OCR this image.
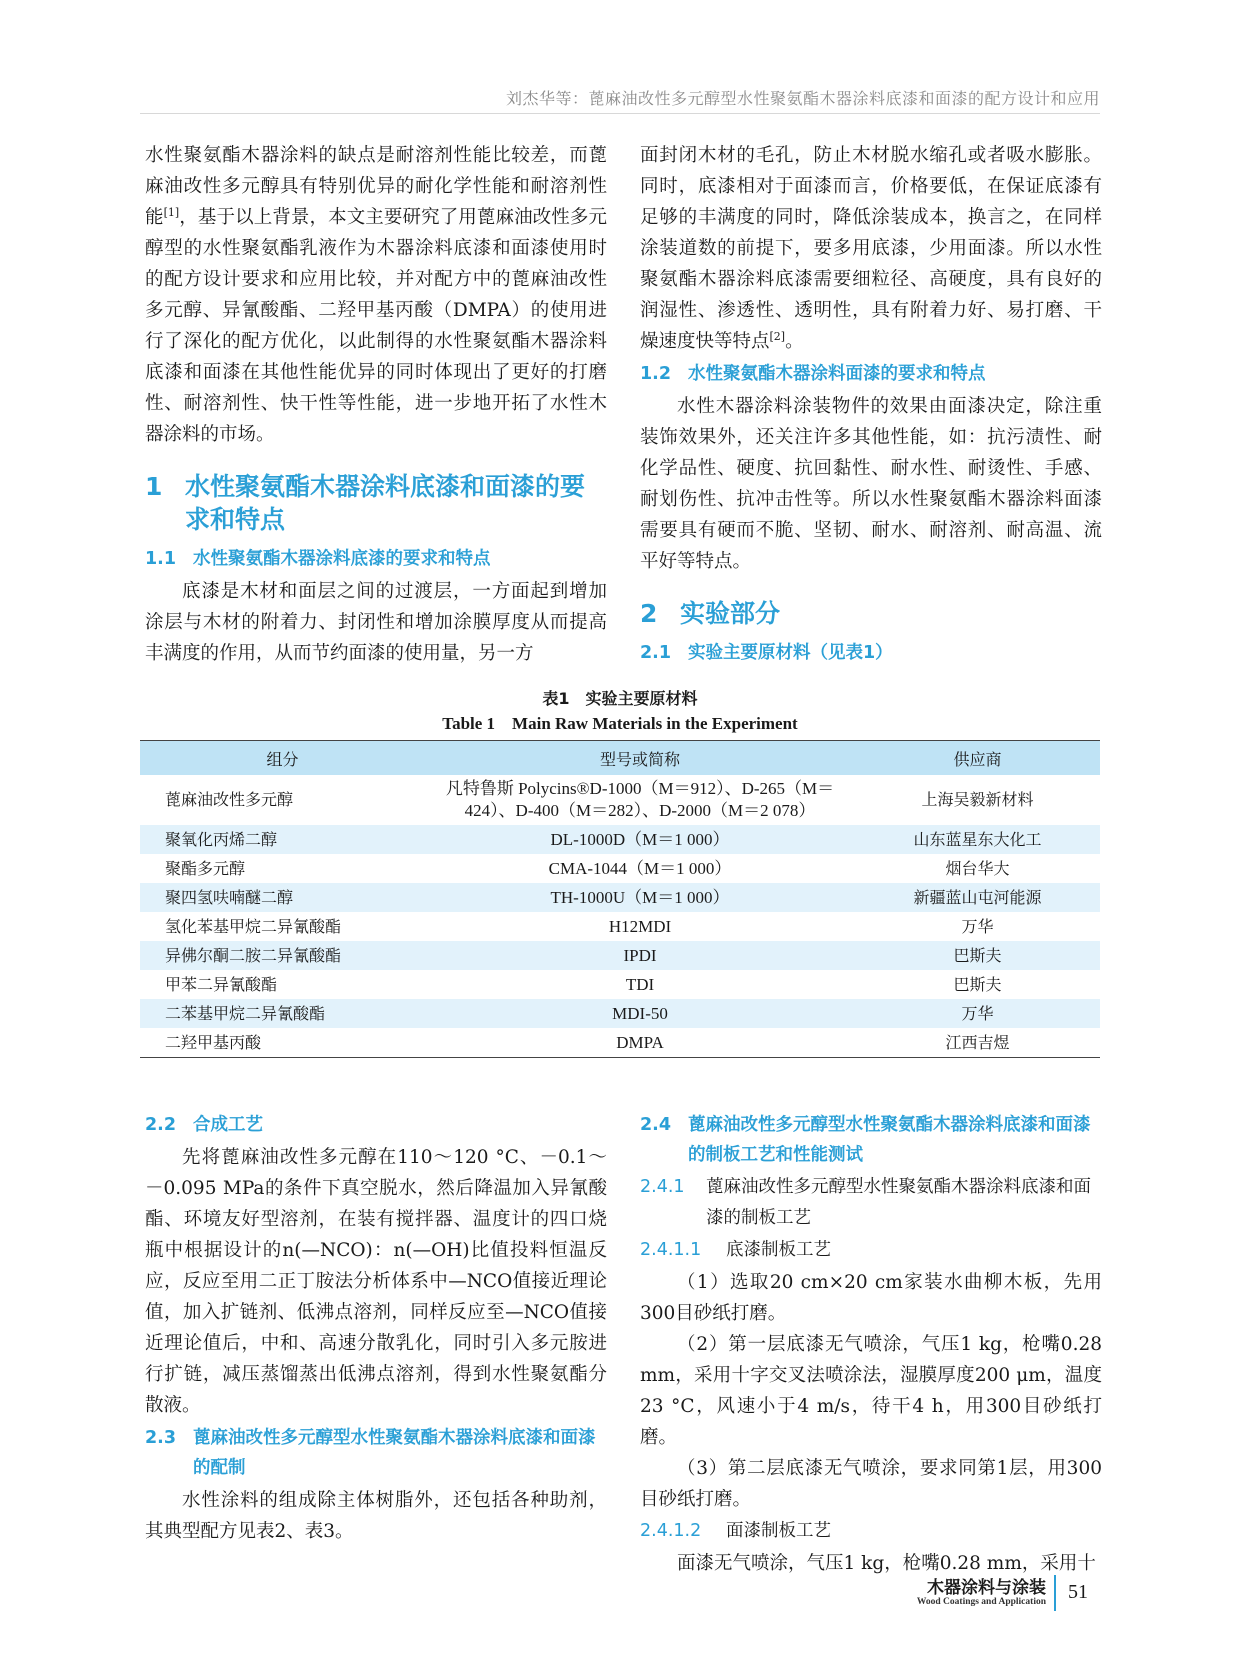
刘杰华等：蓖麻油改性多元醇型水性聚氨酯木器涂料底漆和面漆的配方设计和应用

水性聚氨酯木器涂料的缺点是耐溶剂性能比较差，而蓖麻油改性多元醇具有特别优异的耐化学性能和耐溶剂性能[1]，基于以上背景，本文主要研究了用蓖麻油改性多元醇型的水性聚氨酯乳液作为木器涂料底漆和面漆使用时的配方设计要求和应用比较，并对配方中的蓖麻油改性多元醇、异氰酸酯、二羟甲基丙酸（DMPA）的使用进行了深化的配方优化，以此制得的水性聚氨酯木器涂料底漆和面漆在其他性能优异的同时体现出了更好的打磨性、耐溶剂性、快干性等性能，进一步地开拓了水性木器涂料的市场。

1 水性聚氨酯木器涂料底漆和面漆的要求和特点
1.1 水性聚氨酯木器涂料底漆的要求和特点

底漆是木材和面层之间的过渡层，一方面起到增加涂层与木材的附着力、封闭性和增加涂膜厚度从而提高丰满度的作用，从而节约面漆的使用量，另一方

面封闭木材的毛孔，防止木材脱水缩孔或者吸水膨胀。同时，底漆相对于面漆而言，价格要低，在保证底漆有足够的丰满度的同时，降低涂装成本，换言之，在同样涂装道数的前提下，要多用底漆，少用面漆。所以水性聚氨酯木器涂料底漆需要细粒径、高硬度，具有良好的润湿性、渗透性、透明性，具有附着力好、易打磨、干燥速度快等特点[2]。

1.2 水性聚氨酯木器涂料面漆的要求和特点

水性木器涂料涂装物件的效果由面漆决定，除注重装饰效果外，还关注许多其他性能，如：抗污渍性、耐化学品性、硬度、抗回黏性、耐水性、耐烫性、手感、耐划伤性、抗冲击性等。所以水性聚氨酯木器涂料面漆需要具有硬而不脆、坚韧、耐水、耐溶剂、耐高温、流平好等特点。

2 实验部分
2.1 实验主要原材料（见表1）
表1　实验主要原材料
Table 1　Main Raw Materials in the Experiment
组分	型号或简称	供应商
蓖麻油改性多元醇	凡特鲁斯 Polycins®D-1000（M＝912）、D-265（M＝424）、D-400（M＝282）、D-2000（M＝2 078）	上海吴毅新材料
聚氧化丙烯二醇	DL-1000D（M＝1 000）	山东蓝星东大化工
聚酯多元醇	CMA-1044（M＝1 000）	烟台华大
聚四氢呋喃醚二醇	TH-1000U（M＝1 000）	新疆蓝山屯河能源
氢化苯基甲烷二异氰酸酯	H12MDI	万华
异佛尔酮二胺二异氰酸酯	IPDI	巴斯夫
甲苯二异氰酸酯	TDI	巴斯夫
二苯基甲烷二异氰酸酯	MDI-50	万华
二羟甲基丙酸	DMPA	江西吉煜
2.2 合成工艺

先将蓖麻油改性多元醇在110～120 °C、－0.1～－0.095 MPa的条件下真空脱水，然后降温加入异氰酸酯、环境友好型溶剂，在装有搅拌器、温度计的四口烧瓶中根据设计的n(—NCO)：n(—OH)比值投料恒温反应，反应至用二正丁胺法分析体系中—NCO值接近理论值，加入扩链剂、低沸点溶剂，同样反应至—NCO值接近理论值后，中和、高速分散乳化，同时引入多元胺进行扩链，减压蒸馏蒸出低沸点溶剂，得到水性聚氨酯分散液。

2.3 蓖麻油改性多元醇型水性聚氨酯木器涂料底漆和面漆的配制

水性涂料的组成除主体树脂外，还包括各种助剂，其典型配方见表2、表3。

2.4 蓖麻油改性多元醇型水性聚氨酯木器涂料底漆和面漆的制板工艺和性能测试
2.4.1	蓖麻油改性多元醇型水性聚氨酯木器涂料底漆和面漆的制板工艺
2.4.1.1	底漆制板工艺

（1）选取20 cm×20 cm家装水曲柳木板，先用300目砂纸打磨。

（2）第一层底漆无气喷涂，气压1 kg，枪嘴0.28 mm，采用十字交叉法喷涂法，湿膜厚度200 μm，温度23 °C，风速小于4 m/s，待干4 h，用300目砂纸打磨。

（3）第二层底漆无气喷涂，要求同第1层，用300目砂纸打磨。

2.4.1.2	面漆制板工艺

面漆无气喷涂，气压1 kg，枪嘴0.28 mm，采用十

木器涂料与涂装
Wood Coatings and Application 51
